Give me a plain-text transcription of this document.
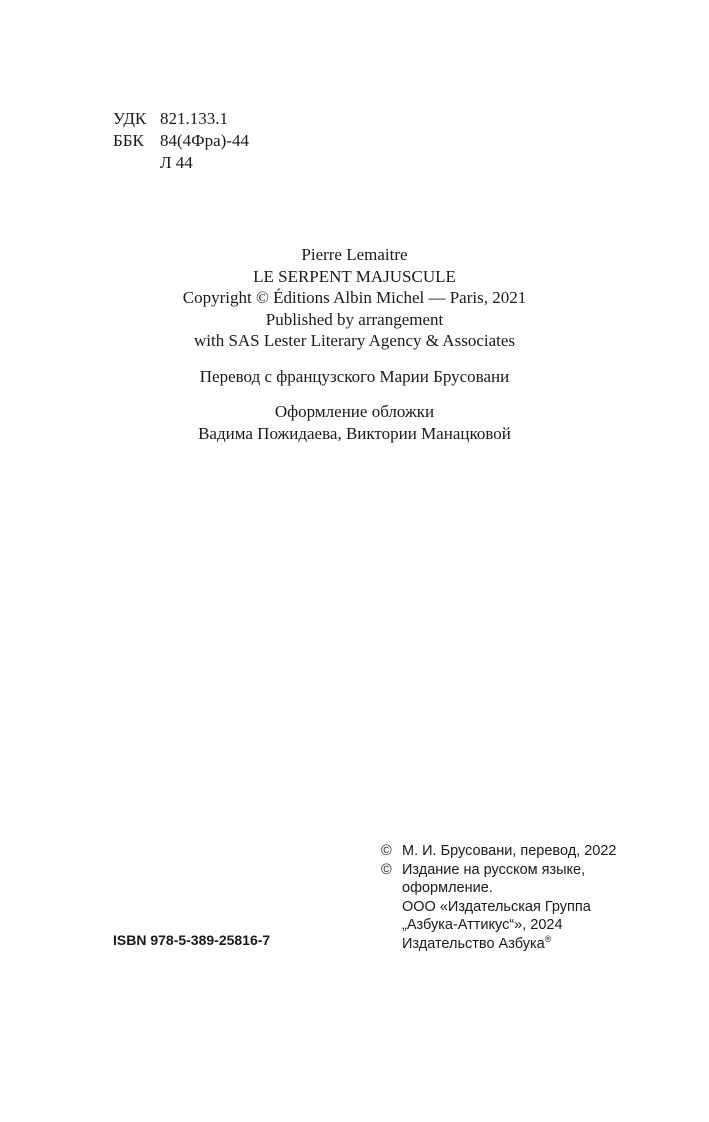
УДК 821.133.1
ББК 84(4Фра)-44
Л 44
Pierre Lemaitre
LE SERPENT MAJUSCULE
Copyright © Éditions Albin Michel — Paris, 2021
Published by arrangement
with SAS Lester Literary Agency & Associates
Перевод с французского Марии Брусовани
Оформление обложки
Вадима Пожидаева, Виктории Манацковой
ISBN 978-5-389-25816-7
© М. И. Брусовани, перевод, 2022
© Издание на русском языке,
оформление.
ООО «Издательская Группа
„Азбука-Аттикус“», 2024
Издательство Азбука®
